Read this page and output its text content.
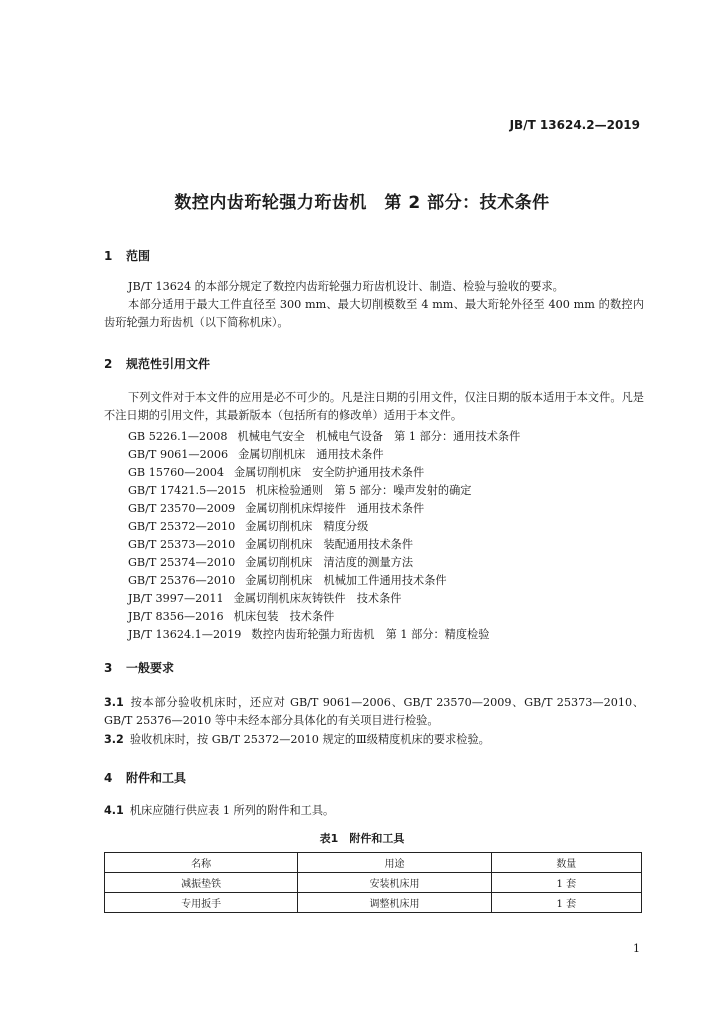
JB/T 13624.2—2019
数控内齿珩轮强力珩齿机　第 2 部分：技术条件
1 范围
JB/T 13624 的本部分规定了数控内齿珩轮强力珩齿机设计、制造、检验与验收的要求。
本部分适用于最大工件直径至 300 mm、最大切削模数至 4 mm、最大珩轮外径至 400 mm 的数控内齿珩轮强力珩齿机（以下简称机床）。
2 规范性引用文件
下列文件对于本文件的应用是必不可少的。凡是注日期的引用文件，仅注日期的版本适用于本文件。凡是不注日期的引用文件，其最新版本（包括所有的修改单）适用于本文件。
GB 5226.1—2008 机械电气安全　机械电气设备　第 1 部分：通用技术条件
GB/T 9061—2006 金属切削机床　通用技术条件
GB 15760—2004 金属切削机床　安全防护通用技术条件
GB/T 17421.5—2015 机床检验通则　第 5 部分：噪声发射的确定
GB/T 23570—2009 金属切削机床焊接件　通用技术条件
GB/T 25372—2010 金属切削机床　精度分级
GB/T 25373—2010 金属切削机床　装配通用技术条件
GB/T 25374—2010 金属切削机床　清洁度的测量方法
GB/T 25376—2010 金属切削机床　机械加工件通用技术条件
JB/T 3997—2011 金属切削机床灰铸铁件　技术条件
JB/T 8356—2016 机床包装　技术条件
JB/T 13624.1—2019 数控内齿珩轮强力珩齿机　第 1 部分：精度检验
3 一般要求
3.1 按本部分验收机床时，还应对 GB/T 9061—2006、GB/T 23570—2009、GB/T 25373—2010、GB/T 25376—2010 等中未经本部分具体化的有关项目进行检验。
3.2 验收机床时，按 GB/T 25372—2010 规定的Ⅲ级精度机床的要求检验。
4 附件和工具
4.1 机床应随行供应表 1 所列的附件和工具。
表1　附件和工具
名称	用途	数量
减振垫铁	安装机床用	1 套
专用扳手	调整机床用	1 套
1
